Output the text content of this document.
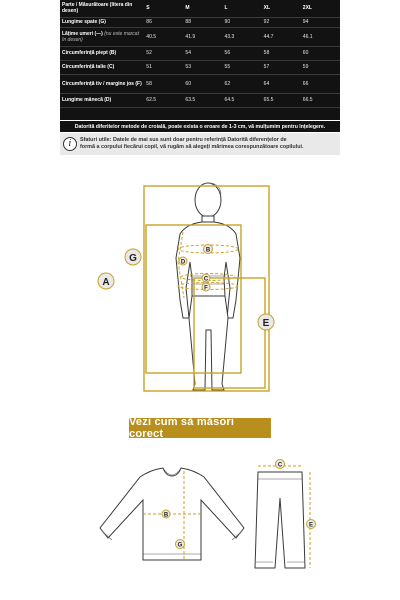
Parte / Măsurătoare (litera din desen)	S	M	L	XL	2XL
Lungime spate (G)	86	88	90	92	94
Lățime umeri (—) (nu este marcat în desen)	40.5	41.9	43.3	44.7	46.1
Circumferință piept (B)	52	54	56	58	60
Circumferință talie (C)	51	53	55	57	59
Circumferință tiv / margine jos (F)	58	60	62	64	66
Lungime mânecă (D)	62.5	63.5	64.5	65.5	66.5
Datorită diferitelor metode de croială, poate exista o eroare de 1-3 cm, vă mulțumim pentru înțelegere.
i	Sfaturi utile: Datele de mai sus sunt doar pentru referință Datorită diferențelor de
formă a corpului fiecărui copil, vă rugăm să alegeți mărimea corespunzătoare copilului.
A
G
B
D
C
F
E
B
G
C
E
Vezi cum să măsori corect
